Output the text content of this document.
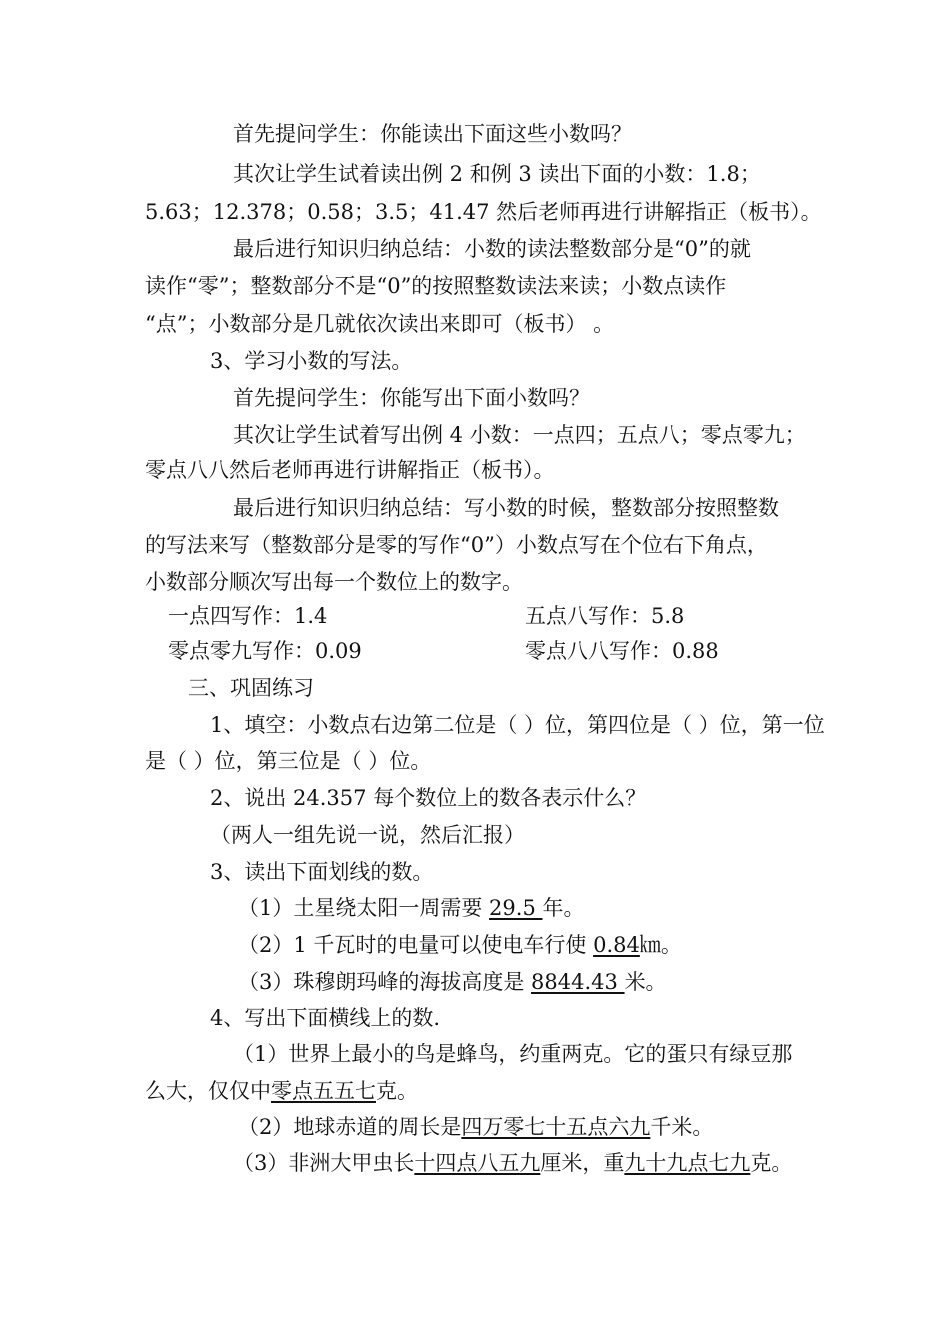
首先提问学生：你能读出下面这些小数吗？
其次让学生试着读出例 2 和例 3 读出下面的小数：1.8；
5.63；12.378；0.58；3.5；41.47 然后老师再进行讲解指正（板书）。
最后进行知识归纳总结：小数的读法整数部分是“0”的就
读作“零”；整数部分不是“0”的按照整数读法来读；小数点读作
“点”；小数部分是几就依次读出来即可（板书） 。
3、学习小数的写法。
首先提问学生：你能写出下面小数吗？
其次让学生试着写出例 4 小数：一点四；五点八；零点零九；
零点八八然后老师再进行讲解指正（板书）。
最后进行知识归纳总结：写小数的时候，整数部分按照整数
的写法来写（整数部分是零的写作“0”）小数点写在个位右下角点，
小数部分顺次写出每一个数位上的数字。
一点四写作：1.4	五点八写作：5.8
零点零九写作：0.09	零点八八写作：0.88
三、巩固练习
1、填空：小数点右边第二位是（ ）位，第四位是（ ）位，第一位
是（ ）位，第三位是（ ）位。
2、说出 24.357 每个数位上的数各表示什么？
（两人一组先说一说，然后汇报）
3、读出下面划线的数。
（1）土星绕太阳一周需要 29.5 年。
（2）1 千瓦时的电量可以使电车行使 0.84㎞。
（3）珠穆朗玛峰的海拔高度是 8844.43 米。
4、写出下面横线上的数.
（1）世界上最小的鸟是蜂鸟，约重两克。它的蛋只有绿豆那
么大，仅仅中零点五五七克。
（2）地球赤道的周长是四万零七十五点六九千米。
（3）非洲大甲虫长十四点八五九厘米，重九十九点七九克。
